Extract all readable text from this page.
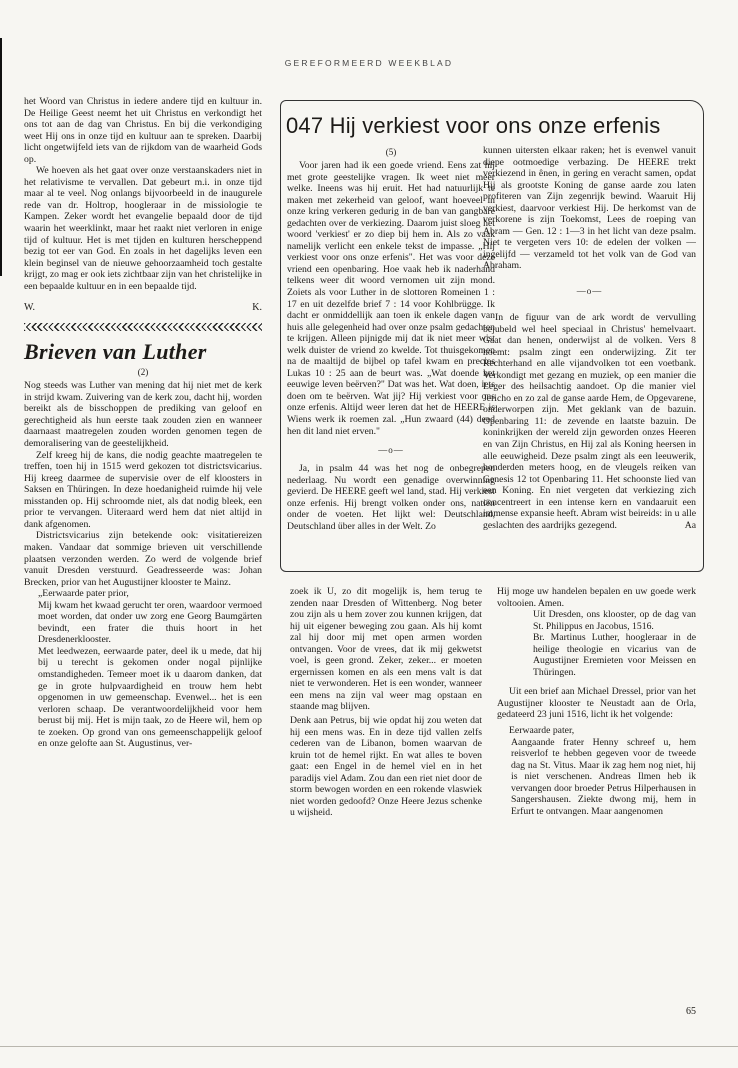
GEREFORMEERD WEEKBLAD

het Woord van Christus in iedere andere tijd en kultuur in. De Heilige Geest neemt het uit Christus en verkondigt het ons tot aan de dag van Christus. En bij die verkondiging weet Hij ons in onze tijd en kultuur aan te spreken. Daarbij licht ongetwijfeld iets van de rijkdom van de waarheid Gods op.

We hoeven als het gaat over onze verstaanskaders niet in het relativisme te vervallen. Dat gebeurt m.i. in onze tijd maar al te veel. Nog onlangs bijvoorbeeld in de inaugurele rede van dr. Holtrop, hoogleraar in de missiologie te Kampen. Zeker wordt het evangelie bepaald door de tijd waarin het weerklinkt, maar het raakt niet verloren in enige tijd of kultuur. Het is met tijden en kulturen herscheppend bezig tot eer van God. En zoals in het dagelijks leven een klein beginsel van de nieuwe gehoorzaamheid toch gestalte krijgt, zo mag er ook iets zichtbaar zijn van het christelijke in een bepaalde kultuur en in een bepaalde tijd.

W.	K.
Brieven van Luther
(2)

Nog steeds was Luther van mening dat hij niet met de kerk in strijd kwam. Zuivering van de kerk zou, dacht hij, worden bereikt als de bisschoppen de prediking van geloof en gerechtigheid als hun eerste taak zouden zien en wanneer daarnaast maatregelen zouden worden genomen tegen de demoralisering van de geestelijkheid.

Zelf kreeg hij de kans, die nodig geachte maatregelen te treffen, toen hij in 1515 werd gekozen tot districtsvicarius. Hij kreeg daarmee de supervisie over de elf kloosters in Saksen en Thüringen. In deze hoedanigheid ruimde hij vele misstanden op. Hij schroomde niet, als dat nodig bleek, een prior te vervangen. Uiteraard werd hem dat niet altijd in dank afgenomen.

Districtsvicarius zijn betekende ook: visitatiereizen maken. Vandaar dat sommige brieven uit verschillende plaatsen verzonden werden. Zo werd de volgende brief vanuit Dresden verstuurd. Geadresseerde was: Johan Brecken, prior van het Augustijner klooster te Mainz.

„Eerwaarde pater prior,

Mij kwam het kwaad gerucht ter oren, waardoor vermoed moet worden, dat onder uw zorg ene Georg Baumgärten bevindt, een frater die thuis hoort in het Dresdenerklooster.

Met leedwezen, eerwaarde pater, deel ik u mede, dat hij bij u terecht is gekomen onder nogal pijnlijke omstandigheden. Temeer moet ik u daarom danken, dat ge in grote hulpvaardigheid en trouw hem hebt opgenomen in uw gemeenschap. Evenwel... het is een verloren schaap. De verantwoordelijkheid voor hem berust bij mij. Het is mijn taak, zo de Heere wil, hem op te zoeken. Op grond van ons gemeenschappelijk geloof en onze gelofte aan St. Augustinus, ver-

047 Hij verkiest voor ons onze erfenis
(5)

Voor jaren had ik een goede vriend. Eens zat hij met grote geestelijke vragen. Ik weet niet meer welke. Ineens was hij eruit. Het had natuurlijk te maken met zekerheid van geloof, want hoeveel in onze kring verkeren gedurig in de ban van gangbare gedachten over de verkiezing. Daarom juist sloeg het woord 'verkiest' er zo diep bij hem in. Als zo vaak namelijk verlicht een enkele tekst de impasse. „Hij verkiest voor ons onze erfenis". Het was voor deze vriend een openbaring. Hoe vaak heb ik naderhand telkens weer dit woord vernomen uit zijn mond. Zoiets als voor Luther in de slottoren Romeinen 1 : 17 en uit dezelfde brief 7 : 14 voor Kohlbrügge. Ik dacht er onmiddellijk aan toen ik enkele dagen van huis alle gelegenheid had over onze psalm gedachten te krijgen. Alleen pijnigde mij dat ik niet meer wist welk duister de vriend zo kwelde. Tot thuisgekomen na de maaltijd de bijbel op tafel kwam en precies Lukas 10 : 25 aan de beurt was. „Wat doende het eeuwige leven beërven?" Dat was het. Wat doen, iets doen om te beërven. Wat jij? Hij verkiest voor ons onze erfenis. Altijd weer leren dat het de HEERE is Wiens werk ik roemen zal. „Hun zwaard (44) deed hen dit land niet erven."

—o—

Ja, in psalm 44 was het nog de onbegrepen nederlaag. Nu wordt een genadige overwinning gevierd. De HEERE geeft wel land, stad. Hij verkiest onze erfenis. Hij brengt volken onder ons, natiën onder de voeten. Het lijkt wel: Deutschland, Deutschland über alles in der Welt. Zo

kunnen uitersten elkaar raken; het is evenwel vanuit diepe ootmoedige verbazing. De HEERE trekt verkiezend in ênen, in gering en veracht samen, opdat Hij als grootste Koning de ganse aarde zou laten profiteren van Zijn zegenrijk bewind. Waaruit Hij verkiest, daarvoor verkiest Hij. De herkomst van de verkorene is zijn Toekomst, Lees de roeping van Abram — Gen. 12 : 1—3 in het licht van deze psalm. Niet te vergeten vers 10: de edelen der volken — ingelijfd — verzameld tot het volk van de God van Abraham.

—o—

In de figuur van de ark wordt de vervulling bejubeld wel heel speciaal in Christus' hemelvaart. Gaat dan henen, onderwijst al de volken. Vers 8 noemt: psalm zingt een onderwijzing. Zit ter Rechterhand en alle vijandvolken tot een voetbank. Verkondigt met gezang en muziek, op een manier die Leger des heilsachtig aandoet. Op die manier viel Jericho en zo zal de ganse aarde Hem, de Opgevarene, onderworpen zijn. Met geklank van de bazuin. Openbaring 11: de zevende en laatste bazuin. De koninkrijken der wereld zijn geworden onzes Heeren en van Zijn Christus, en Hij zal als Koning heersen in alle eeuwigheid. Deze psalm zingt als een leeuwerik, honderden meters hoog, en de vleugels reiken van Genesis 12 tot Openbaring 11. Het schoonste lied van een Koning. En niet vergeten dat verkiezing zich concentreert in een intense kern en vandaaruit een immense expansie heeft. Abram wist beireids: in u alle geslachten des aardrijks gezegend.	Aa

zoek ik U, zo dit mogelijk is, hem terug te zenden naar Dresden of Wittenberg. Nog beter zou zijn als u hem zover zou kunnen krijgen, dat hij uit eigener beweging zou gaan. Als hij komt zal hij door mij met open armen worden ontvangen. Voor de vrees, dat ik mij gekwetst voel, is geen grond. Zeker, zeker... er moeten ergernissen komen en als een mens valt is dat niet te verwonderen. Het is een wonder, wanneer een mens na zijn val weer mag opstaan en staande mag blijven.

Denk aan Petrus, bij wie opdat hij zou weten dat hij een mens was. En in deze tijd vallen zelfs cederen van de Libanon, bomen waarvan de kruin tot de hemel rijkt. En wat alles te boven gaat: een Engel in de hemel viel en in het paradijs viel Adam. Zou dan een riet niet door de storm bewogen worden en een rokende vlaswiek niet worden gedoofd? Onze Heere Jezus schenke u wijsheid.

Hij moge uw handelen bepalen en uw goede werk voltooien. Amen.

Uit Dresden, ons klooster, op de dag van St. Philippus en Jacobus, 1516.

Br. Martinus Luther, hoogleraar in de heilige theologie en vicarius van de Augustijner Eremieten voor Meissen en Thüringen.

Uit een brief aan Michael Dressel, prior van het Augustijner klooster te Neustadt aan de Orla, gedateerd 23 juni 1516, licht ik het volgende:

Eerwaarde pater,

Aangaande frater Henny schreef u, hem reisverlof te hebben gegeven voor de tweede dag na St. Vitus. Maar ik zag hem nog niet, hij is niet verschenen. Andreas Ilmen heb ik vervangen door broeder Petrus Hilperhausen in Sangershausen. Ziekte dwong mij, hem in Erfurt te ontvangen. Maar aangenomen

65
